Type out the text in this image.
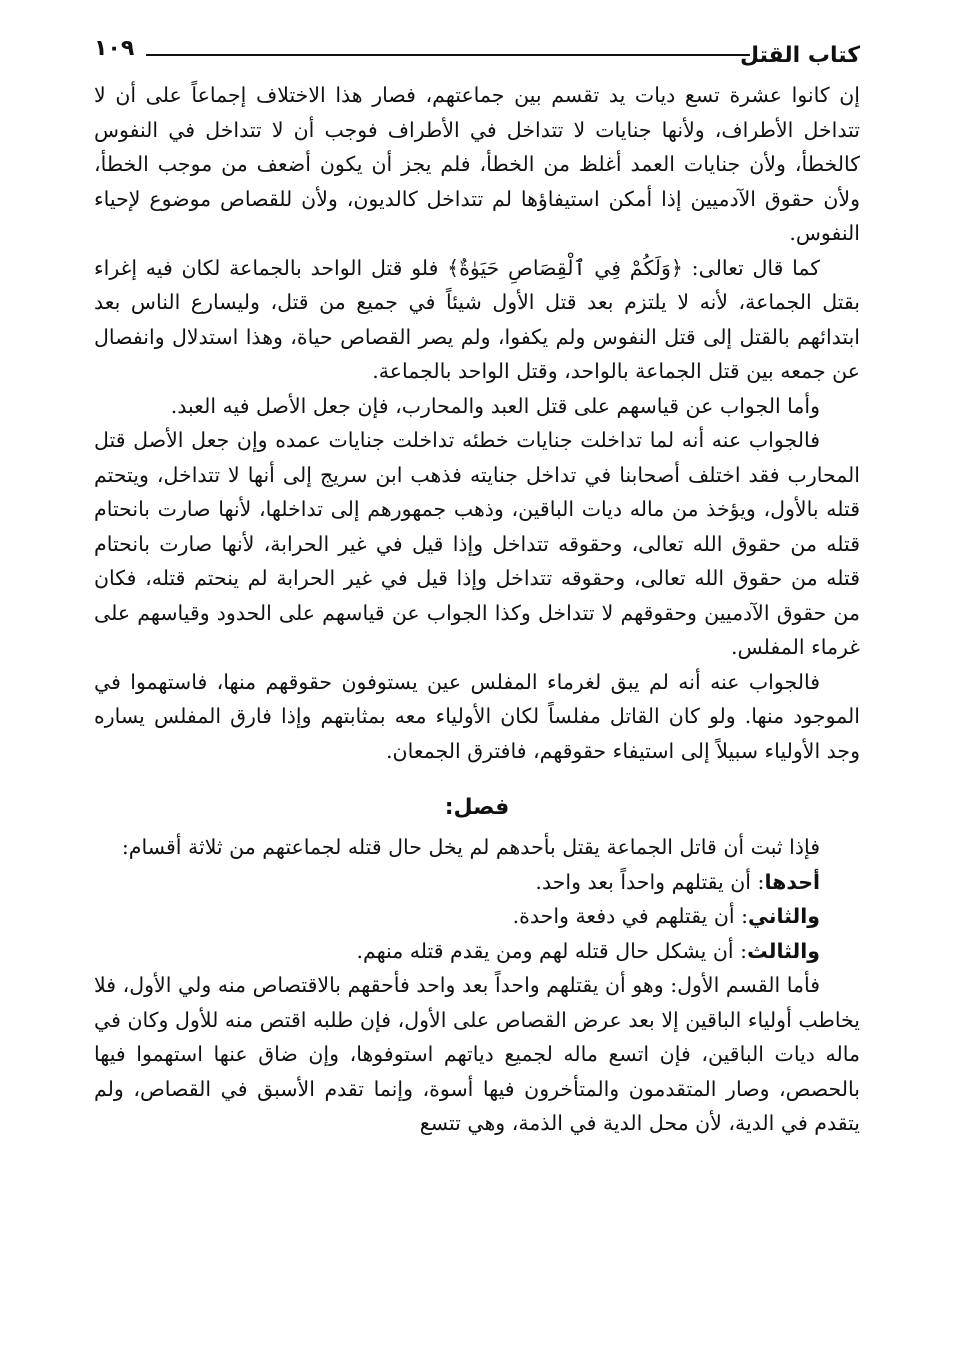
كتاب القتل
١٠٩

إن كانوا عشرة تسع ديات يد تقسم بين جماعتهم، فصار هذا الاختلاف إجماعاً على أن لا تتداخل الأطراف، ولأنها جنايات لا تتداخل في الأطراف فوجب أن لا تتداخل في النفوس كالخطأ، ولأن جنايات العمد أغلظ من الخطأ، فلم يجز أن يكون أضعف من موجب الخطأ، ولأن حقوق الآدميين إذا أمكن استيفاؤها لم تتداخل كالديون، ولأن للقصاص موضوع لإحياء النفوس.

كما قال تعالى: ﴿وَلَكُمْ فِي ٱلْقِصَاصِ حَيَوٰةٌ﴾ فلو قتل الواحد بالجماعة لكان فيه إغراء بقتل الجماعة، لأنه لا يلتزم بعد قتل الأول شيئاً في جميع من قتل، وليسارع الناس بعد ابتدائهم بالقتل إلى قتل النفوس ولم يكفوا، ولم يصر القصاص حياة، وهذا استدلال وانفصال عن جمعه بين قتل الجماعة بالواحد، وقتل الواحد بالجماعة.

وأما الجواب عن قياسهم على قتل العبد والمحارب، فإن جعل الأصل فيه العبد.

فالجواب عنه أنه لما تداخلت جنايات خطئه تداخلت جنايات عمده وإن جعل الأصل قتل المحارب فقد اختلف أصحابنا في تداخل جنايته فذهب ابن سريج إلى أنها لا تتداخل، ويتحتم قتله بالأول، ويؤخذ من ماله ديات الباقين، وذهب جمهورهم إلى تداخلها، لأنها صارت بانحتام قتله من حقوق الله تعالى، وحقوقه تتداخل وإذا قيل في غير الحرابة، لأنها صارت بانحتام قتله من حقوق الله تعالى، وحقوقه تتداخل وإذا قيل في غير الحرابة لم ينحتم قتله، فكان من حقوق الآدميين وحقوقهم لا تتداخل وكذا الجواب عن قياسهم على الحدود وقياسهم على غرماء المفلس.

فالجواب عنه أنه لم يبق لغرماء المفلس عين يستوفون حقوقهم منها، فاستهموا في الموجود منها. ولو كان القاتل مفلساً لكان الأولياء معه بمثابتهم وإذا فارق المفلس يساره وجد الأولياء سبيلاً إلى استيفاء حقوقهم، فافترق الجمعان.

فصل:

فإذا ثبت أن قاتل الجماعة يقتل بأحدهم لم يخل حال قتله لجماعتهم من ثلاثة أقسام:

أحدها: أن يقتلهم واحداً بعد واحد.

والثاني: أن يقتلهم في دفعة واحدة.

والثالث: أن يشكل حال قتله لهم ومن يقدم قتله منهم.

فأما القسم الأول: وهو أن يقتلهم واحداً بعد واحد فأحقهم بالاقتصاص منه ولي الأول، فلا يخاطب أولياء الباقين إلا بعد عرض القصاص على الأول، فإن طلبه اقتص منه للأول وكان في ماله ديات الباقين، فإن اتسع ماله لجميع دياتهم استوفوها، وإن ضاق عنها استهموا فيها بالحصص، وصار المتقدمون والمتأخرون فيها أسوة، وإنما تقدم الأسبق في القصاص، ولم يتقدم في الدية، لأن محل الدية في الذمة، وهي تتسع
